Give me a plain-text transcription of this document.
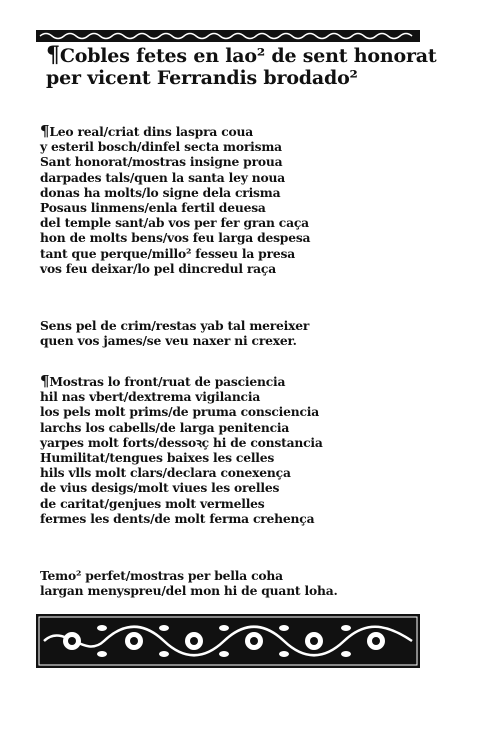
¶Cobles fetes en lao² de sent honorat
per vicent Ferrandis brodado²
¶Leo real/criat dins laspra coua
y esteril bosch/dinfel secta morisma
Sant honorat/mostras insigne proua
darpades tals/quen la santa ley noua
donas ha molts/lo signe dela crisma
Posaus linmens/enla fertil deuesa
del temple sant/ab vos per fer gran caça
hon de molts bens/vos feu larga despesa
tant que perque/millo² fesseu la presa
vos feu deixar/lo pel dincredul raça
Sens pel de crim/restas yab tal mereixer
quen vos james/se veu naxer ni crexer.
¶Mostras lo front/ruat de pasciencia
hil nas vbert/dextrema vigilancia
los pels molt prims/de pruma consciencia
larchs los cabells/de larga penitencia
yarpes molt forts/dessoꝛç hi de constancia
Humilitat/tengues baixes les celles
hils vlls molt clars/declara conexença
de vius desigs/molt viues les orelles
de caritat/genjues molt vermelles
fermes les dents/de molt ferma crehença
Temo² perfet/mostras per bella coha
largan menyspreu/del mon hi de quant loha.
